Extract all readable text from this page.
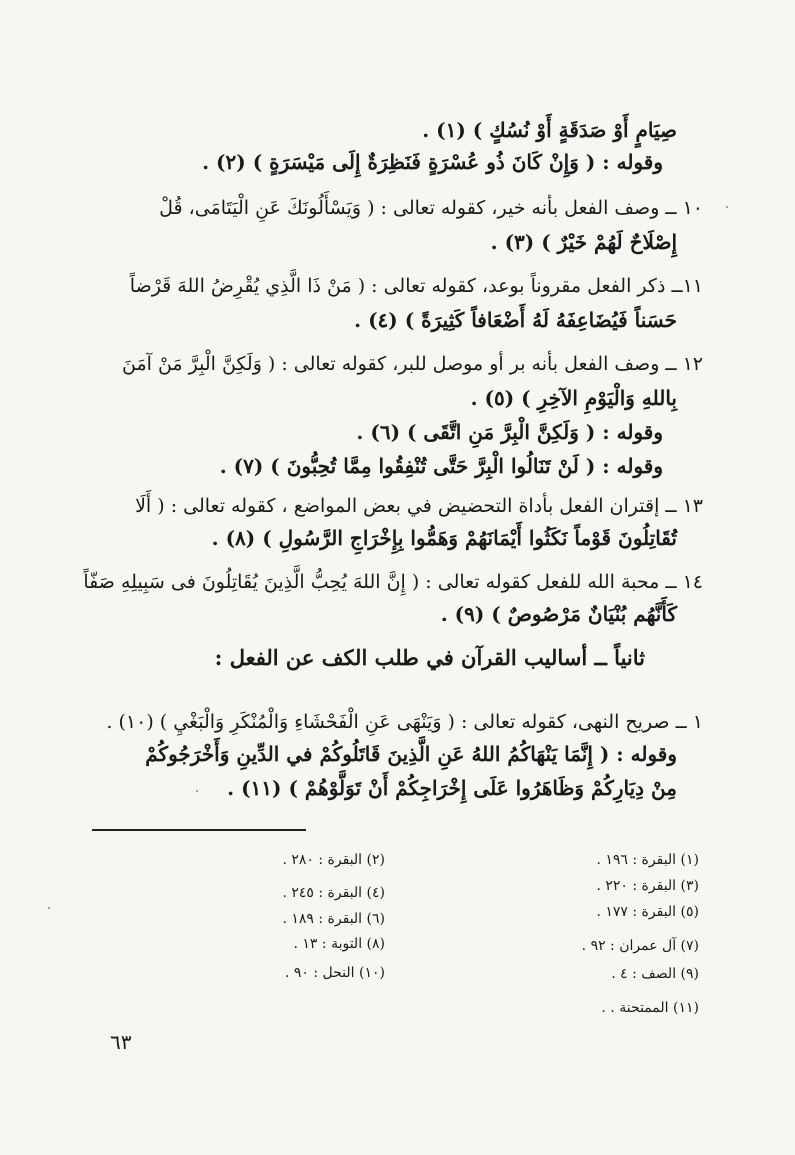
صِيَامٍ أَوْ صَدَقَةٍ أَوْ نُسُكٍ ) (١) .
وقوله : ( وَإِنْ كَانَ ذُو عُسْرَةٍ فَنَظِرَةٌ إِلَى مَيْسَرَةٍ ) (٢) .
١٠ ــ وصف الفعل بأنه خير، كقوله تعالى : ( وَيَسْأَلُونَكَ عَنِ الْيَتَامَى، قُلْ
إِصْلَاحٌ لَهُمْ خَيْرٌ ) (٣) .
١١ــ ذكر الفعل مقروناً بوعد، كقوله تعالى : ( مَنْ ذَا الَّذِي يُقْرِضُ اللهَ قَرْضاً
حَسَناً فَيُضَاعِفَهُ لَهُ أَضْعَافاً كَثِيرَةً ) (٤) .
١٢ ــ وصف الفعل بأنه بر أو موصل للبر، كقوله تعالى : ( وَلَكِنَّ الْبِرَّ مَنْ آمَنَ
بِاللهِ وَالْيَوْمِ الآخِرِ ) (٥) .
وقوله : ( وَلَكِنَّ الْبِرَّ مَنِ اتَّقَى ) (٦) .
وقوله : ( لَنْ تَنَالُوا الْبِرَّ حَتَّى تُنْفِقُوا مِمَّا تُحِبُّونَ ) (٧) .
١٣ ــ إقتران الفعل بأداة التحضيض في بعض المواضع ، كقوله تعالى : ( أَلَا
تُقَاتِلُونَ قَوْماً نَكَثُوا أَيْمَانَهُمْ وَهَمُّوا بِإِخْرَاجِ الرَّسُولِ ) (٨) .
١٤ ــ محبة الله للفعل كقوله تعالى : ( إِنَّ اللهَ يُحِبُّ الَّذِينَ يُقَاتِلُونَ فى سَبِيلِهِ صَفّاً
كَأَنَّهُم بُنْيَانٌ مَرْصُوصٌ ) (٩) .
ثانياً ــ أساليب القرآن في طلب الكف عن الفعل :
١ ــ صريح النهى، كقوله تعالى : ( وَيَنْهَى عَنِ الْفَحْشَاءِ وَالْمُنْكَرِ وَالْبَغْيِ ) (١٠) .
وقوله : ( إِنَّمَا يَنْهَاكُمُ اللهُ عَنِ الَّذِينَ قَاتَلُوكُمْ في الدِّينِ وَأَخْرَجُوكُمْ
مِنْ دِيَارِكُمْ وَظَاهَرُوا عَلَى إِخْرَاجِكُمْ أَنْ تَوَلَّوْهُمْ ) (١١) .
(١) البقرة : ١٩٦ .
(٢) البقرة : ٢٨٠ .
(٣) البقرة : ٢٢٠ .
(٤) البقرة : ٢٤٥ .
(٥) البقرة : ١٧٧ .
(٦) البقرة : ١٨٩ .
(٧) آل عمران : ٩٢ .
(٨) التوبة : ١٣ .
(٩) الصف : ٤ .
(١٠) النحل : ٩٠ .
(١١) الممتحنة . .
٦٣
